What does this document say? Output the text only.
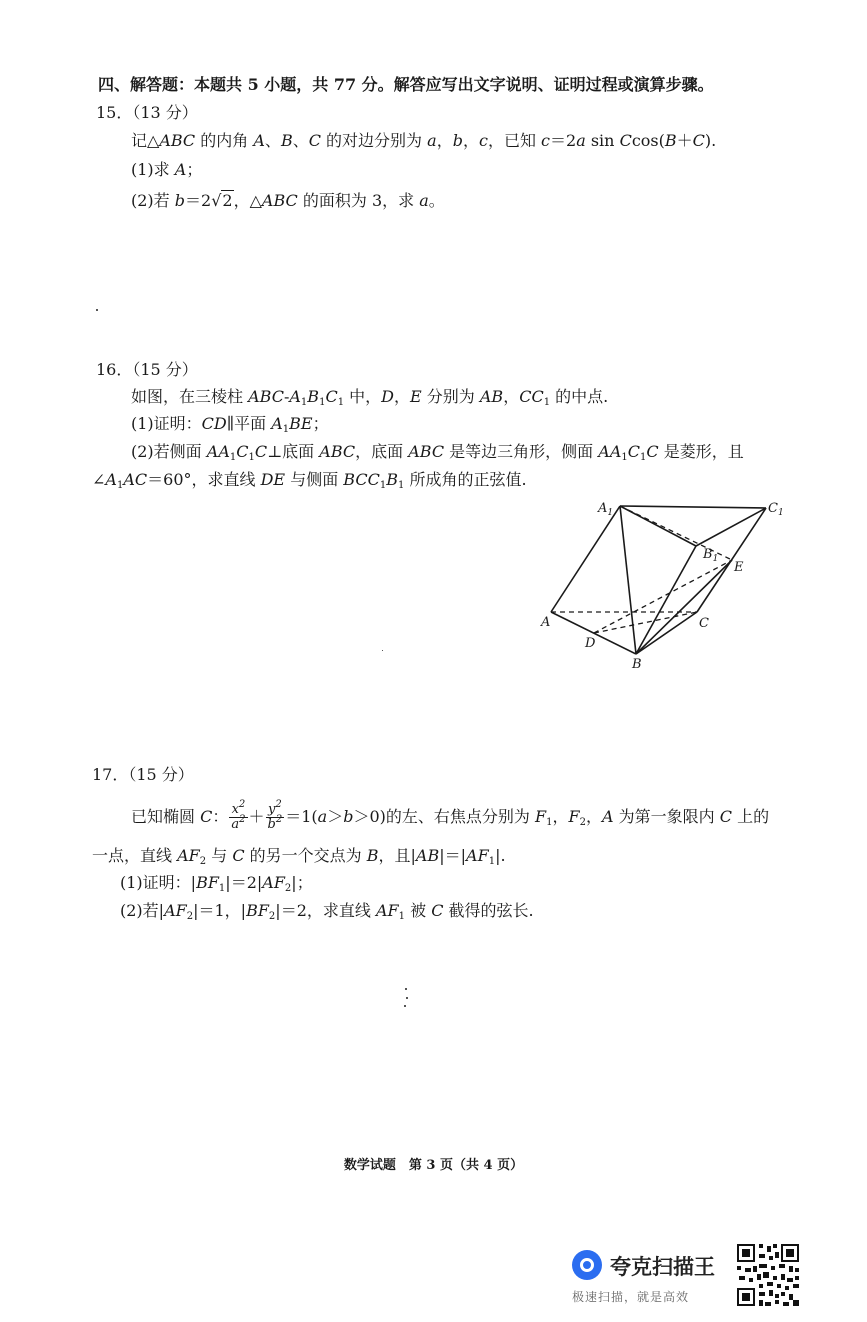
四、解答题：本题共 5 小题，共 77 分。解答应写出文字说明、证明过程或演算步骤。
15．（13 分）
记△ABC 的内角 A、B、C 的对边分别为 a，b，c，已知 c＝2a sin Ccos(B＋C).
(1)求 A；
(2)若 b＝2√2，△ABC 的面积为 3，求 a。
16．（15 分）
如图，在三棱柱 ABC-$A_1B_1C_1$ 中，D，E 分别为 AB，$CC_1$ 的中点.
(1)证明：CD∥平面 $A_1BE$；
(2)若侧面 $AA_1C_1C\perp$底面 ABC，底面 ABC 是等边三角形，侧面 $AA_1C_1C$ 是菱形，且
$\angle A_1AC=60^\circ$，求直线 DE 与侧面 $BCC_1B_1$ 所成角的正弦值.
$A_1$	$C_1$
$B_1$
E
A	C
D
B
17．（15 分）
已知椭圆 C： $\frac{x^2}{a^2} + \frac{y^2}{b^2} =1(a>b>0)$的左、右焦点分别为 $F_1$，$F_2$，A 为第一象限内 C 上的
一点，直线 $AF_2$ 与 C 的另一个交点为 B，且$|AB|=|AF_1|$.
(1)证明：$|BF_1|=2|AF_2|$；
(2)若$|AF_2|=1$，$|BF_2|=2$，求直线 $AF_1$ 被 C 截得的弦长.
数学试题　第 3 页（共 4 页）
夸克扫描王
极速扫描，就是高效
